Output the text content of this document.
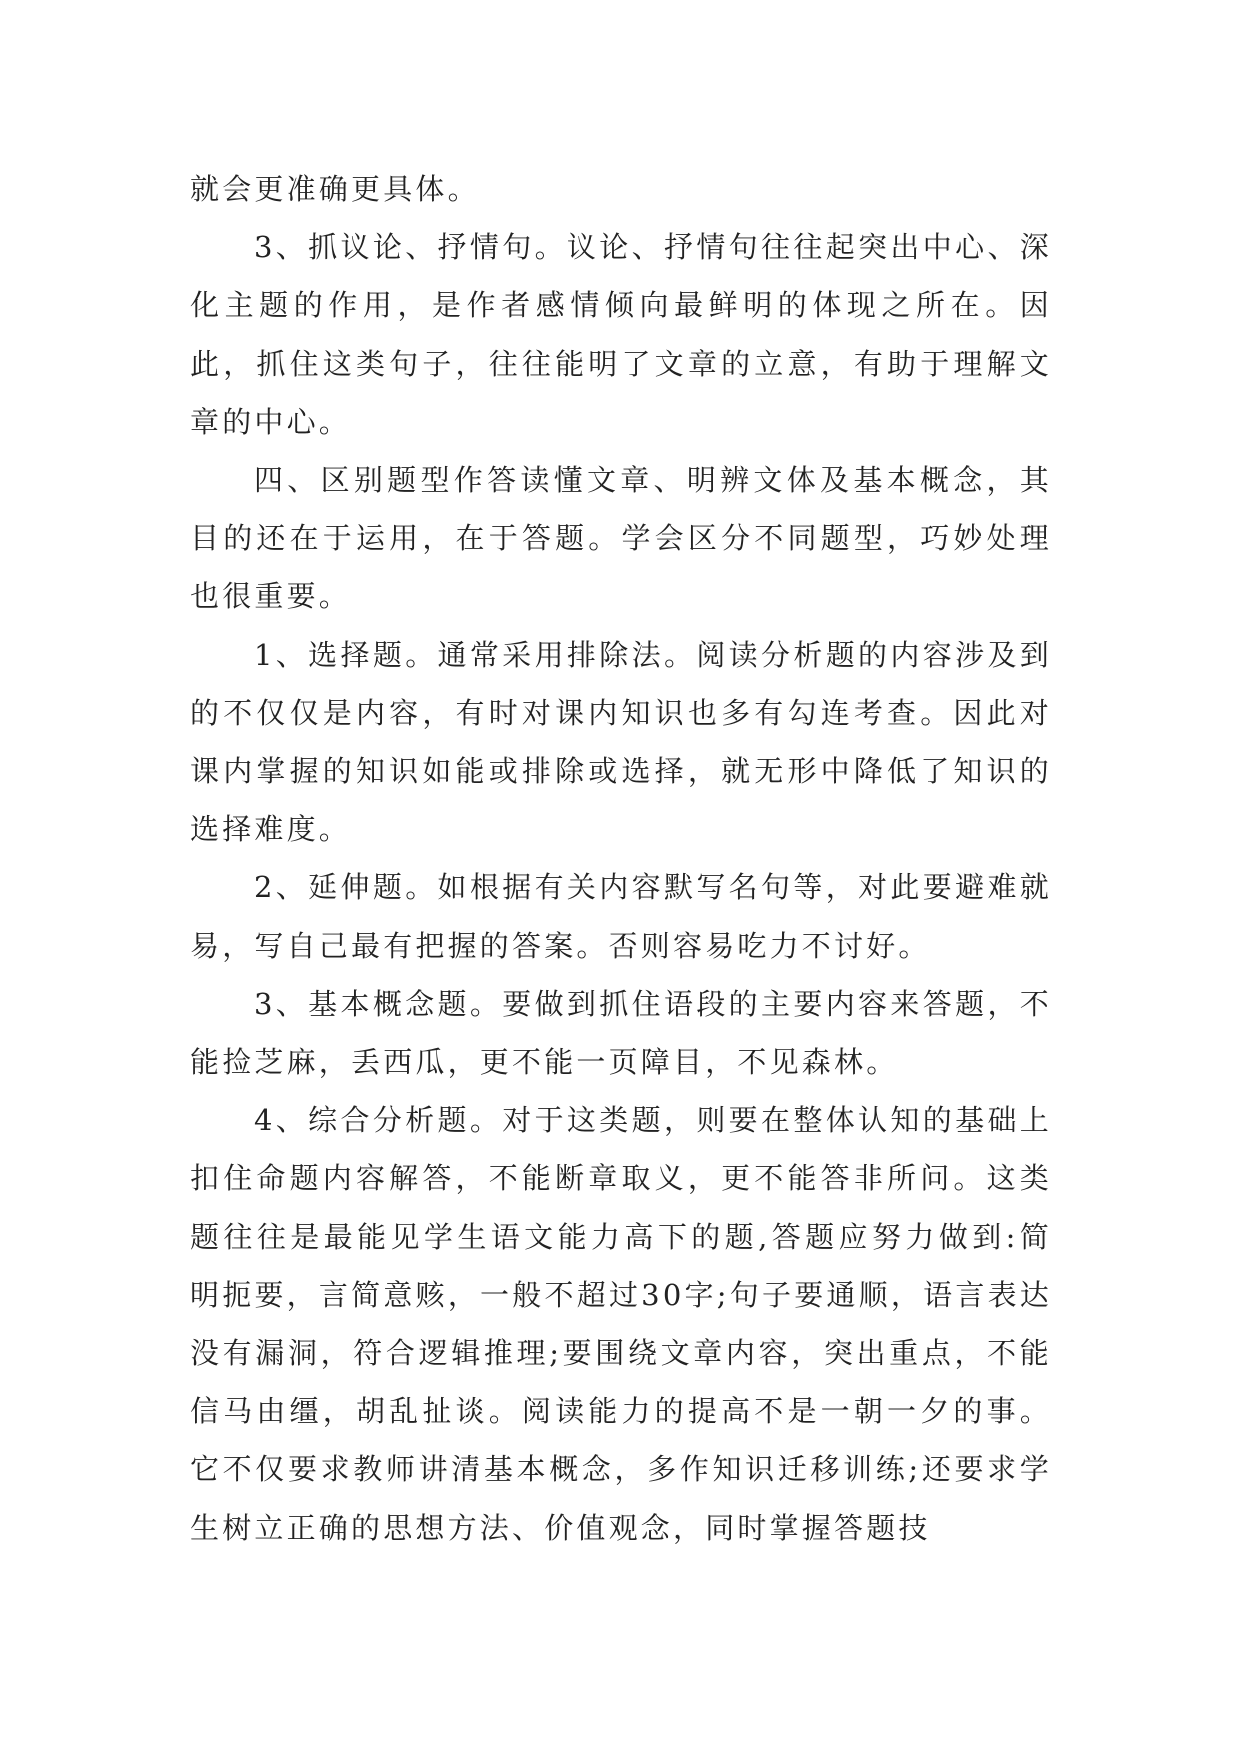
就会更准确更具体。

3、抓议论、抒情句。议论、抒情句往往起突出中心、深化主题的作用，是作者感情倾向最鲜明的体现之所在。因此，抓住这类句子，往往能明了文章的立意，有助于理解文章的中心。

四、区别题型作答读懂文章、明辨文体及基本概念，其目的还在于运用，在于答题。学会区分不同题型，巧妙处理也很重要。

1、选择题。通常采用排除法。阅读分析题的内容涉及到的不仅仅是内容，有时对课内知识也多有勾连考查。因此对课内掌握的知识如能或排除或选择，就无形中降低了知识的选择难度。

2、延伸题。如根据有关内容默写名句等，对此要避难就易，写自己最有把握的答案。否则容易吃力不讨好。

3、基本概念题。要做到抓住语段的主要内容来答题，不能捡芝麻，丢西瓜，更不能一页障目，不见森林。

4、综合分析题。对于这类题，则要在整体认知的基础上扣住命题内容解答，不能断章取义，更不能答非所问。这类题往往是最能见学生语文能力高下的题,答题应努力做到:简明扼要，言简意赅，一般不超过30字;句子要通顺，语言表达没有漏洞，符合逻辑推理;要围绕文章内容，突出重点，不能信马由缰，胡乱扯谈。阅读能力的提高不是一朝一夕的事。它不仅要求教师讲清基本概念，多作知识迁移训练;还要求学生树立正确的思想方法、价值观念，同时掌握答题技
